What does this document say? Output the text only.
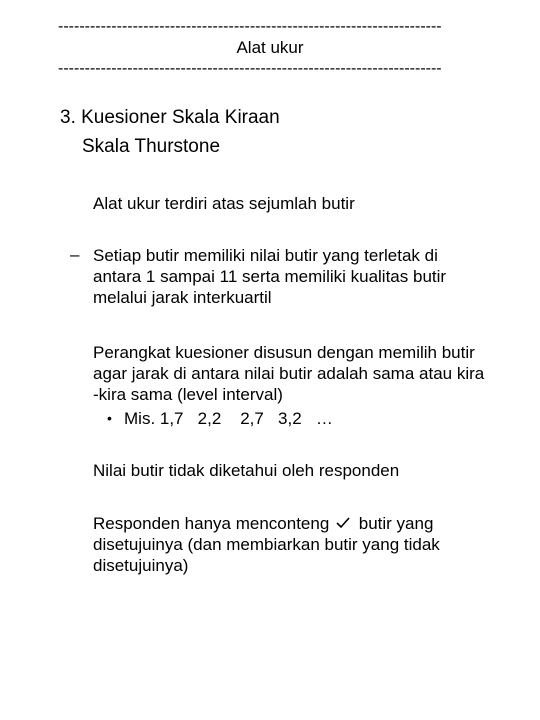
------------------------------------------------------------------------
Alat ukur
------------------------------------------------------------------------
3. Kuesioner Skala Kiraan
Skala Thurstone
Alat ukur terdiri atas sejumlah butir
– Setiap butir memiliki nilai butir yang terletak di
antara 1 sampai 11 serta memiliki kualitas butir
melalui jarak interkuartil
Perangkat kuesioner disusun dengan memilih butir
agar jarak di antara nilai butir adalah sama atau kira
-kira sama (level interval)
• Mis. 1,7   2,2    2,7   3,2   …
Nilai butir tidak diketahui oleh responden
Responden hanya menconteng butir yang
disetujuinya (dan membiarkan butir yang tidak
disetujuinya)
